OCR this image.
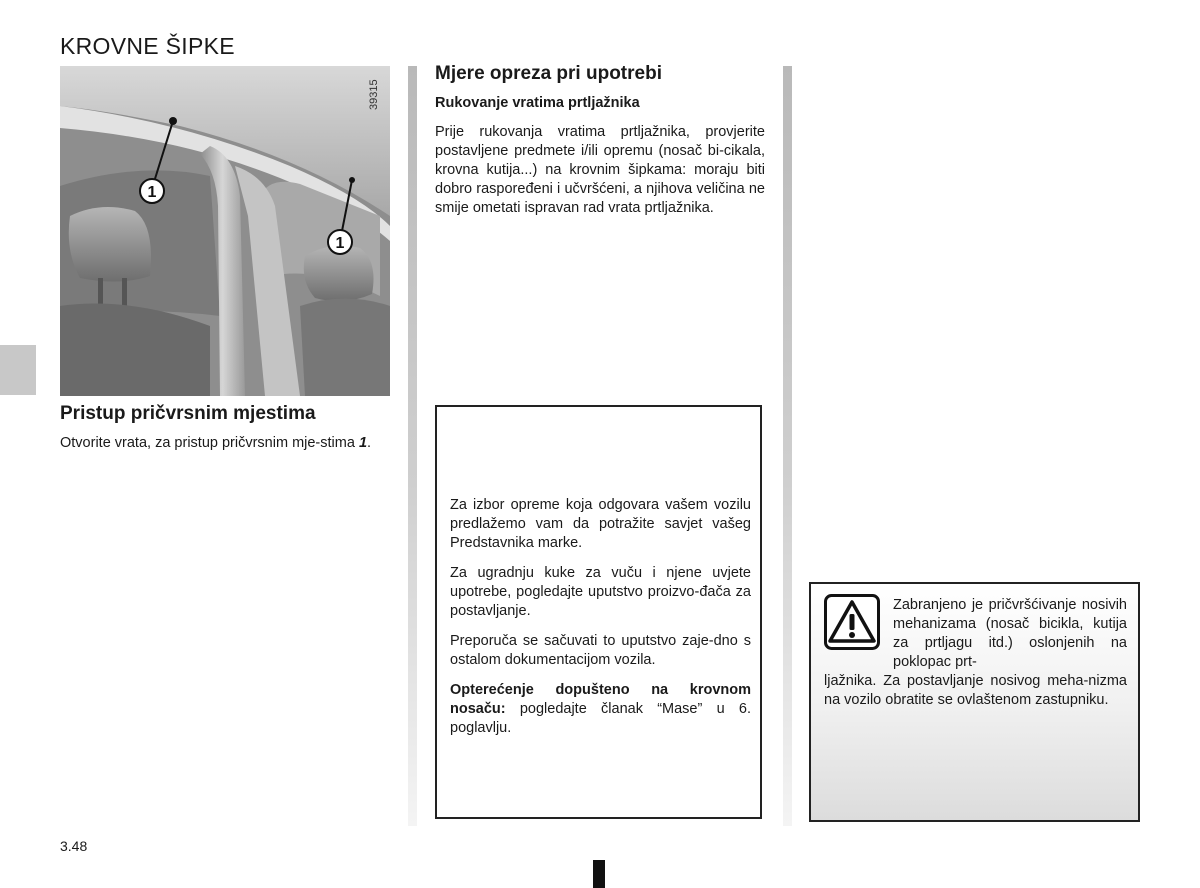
KROVNE ŠIPKE
1
1
39315
Pristup pričvrsnim mjestima

Otvorite vrata, za pristup pričvrsnim mje-stima 1.

Mjere opreza pri upotrebi
Rukovanje vratima prtljažnika

Prije rukovanja vratima prtljažnika, provjerite postavljene predmete i/ili opremu (nosač bi-cikala, krovna kutija...) na krovnim šipkama: moraju biti dobro raspoređeni i učvršćeni, a njihova veličina ne smije ometati ispravan rad vrata prtljažnika.

Za izbor opreme koja odgovara vašem vozilu predlažemo vam da potražite savjet vašeg Predstavnika marke.

Za ugradnju kuke za vuču i njene uvjete upotrebe, pogledajte uputstvo proizvo-đača za postavljanje.

Preporuča se sačuvati to uputstvo zaje-dno s ostalom dokumentacijom vozila.

Opterećenje dopušteno na krovnom nosaču: pogledajte članak “Mase” u 6. poglavlju.

Zabranjeno je pričvršćivanje nosivih mehanizama (nosač bicikla, kutija za prtljagu itd.) oslonjenih na poklopac prt-

ljažnika. Za postavljanje nosivog meha-nizma na vozilo obratite se ovlaštenom zastupniku.

3.48
